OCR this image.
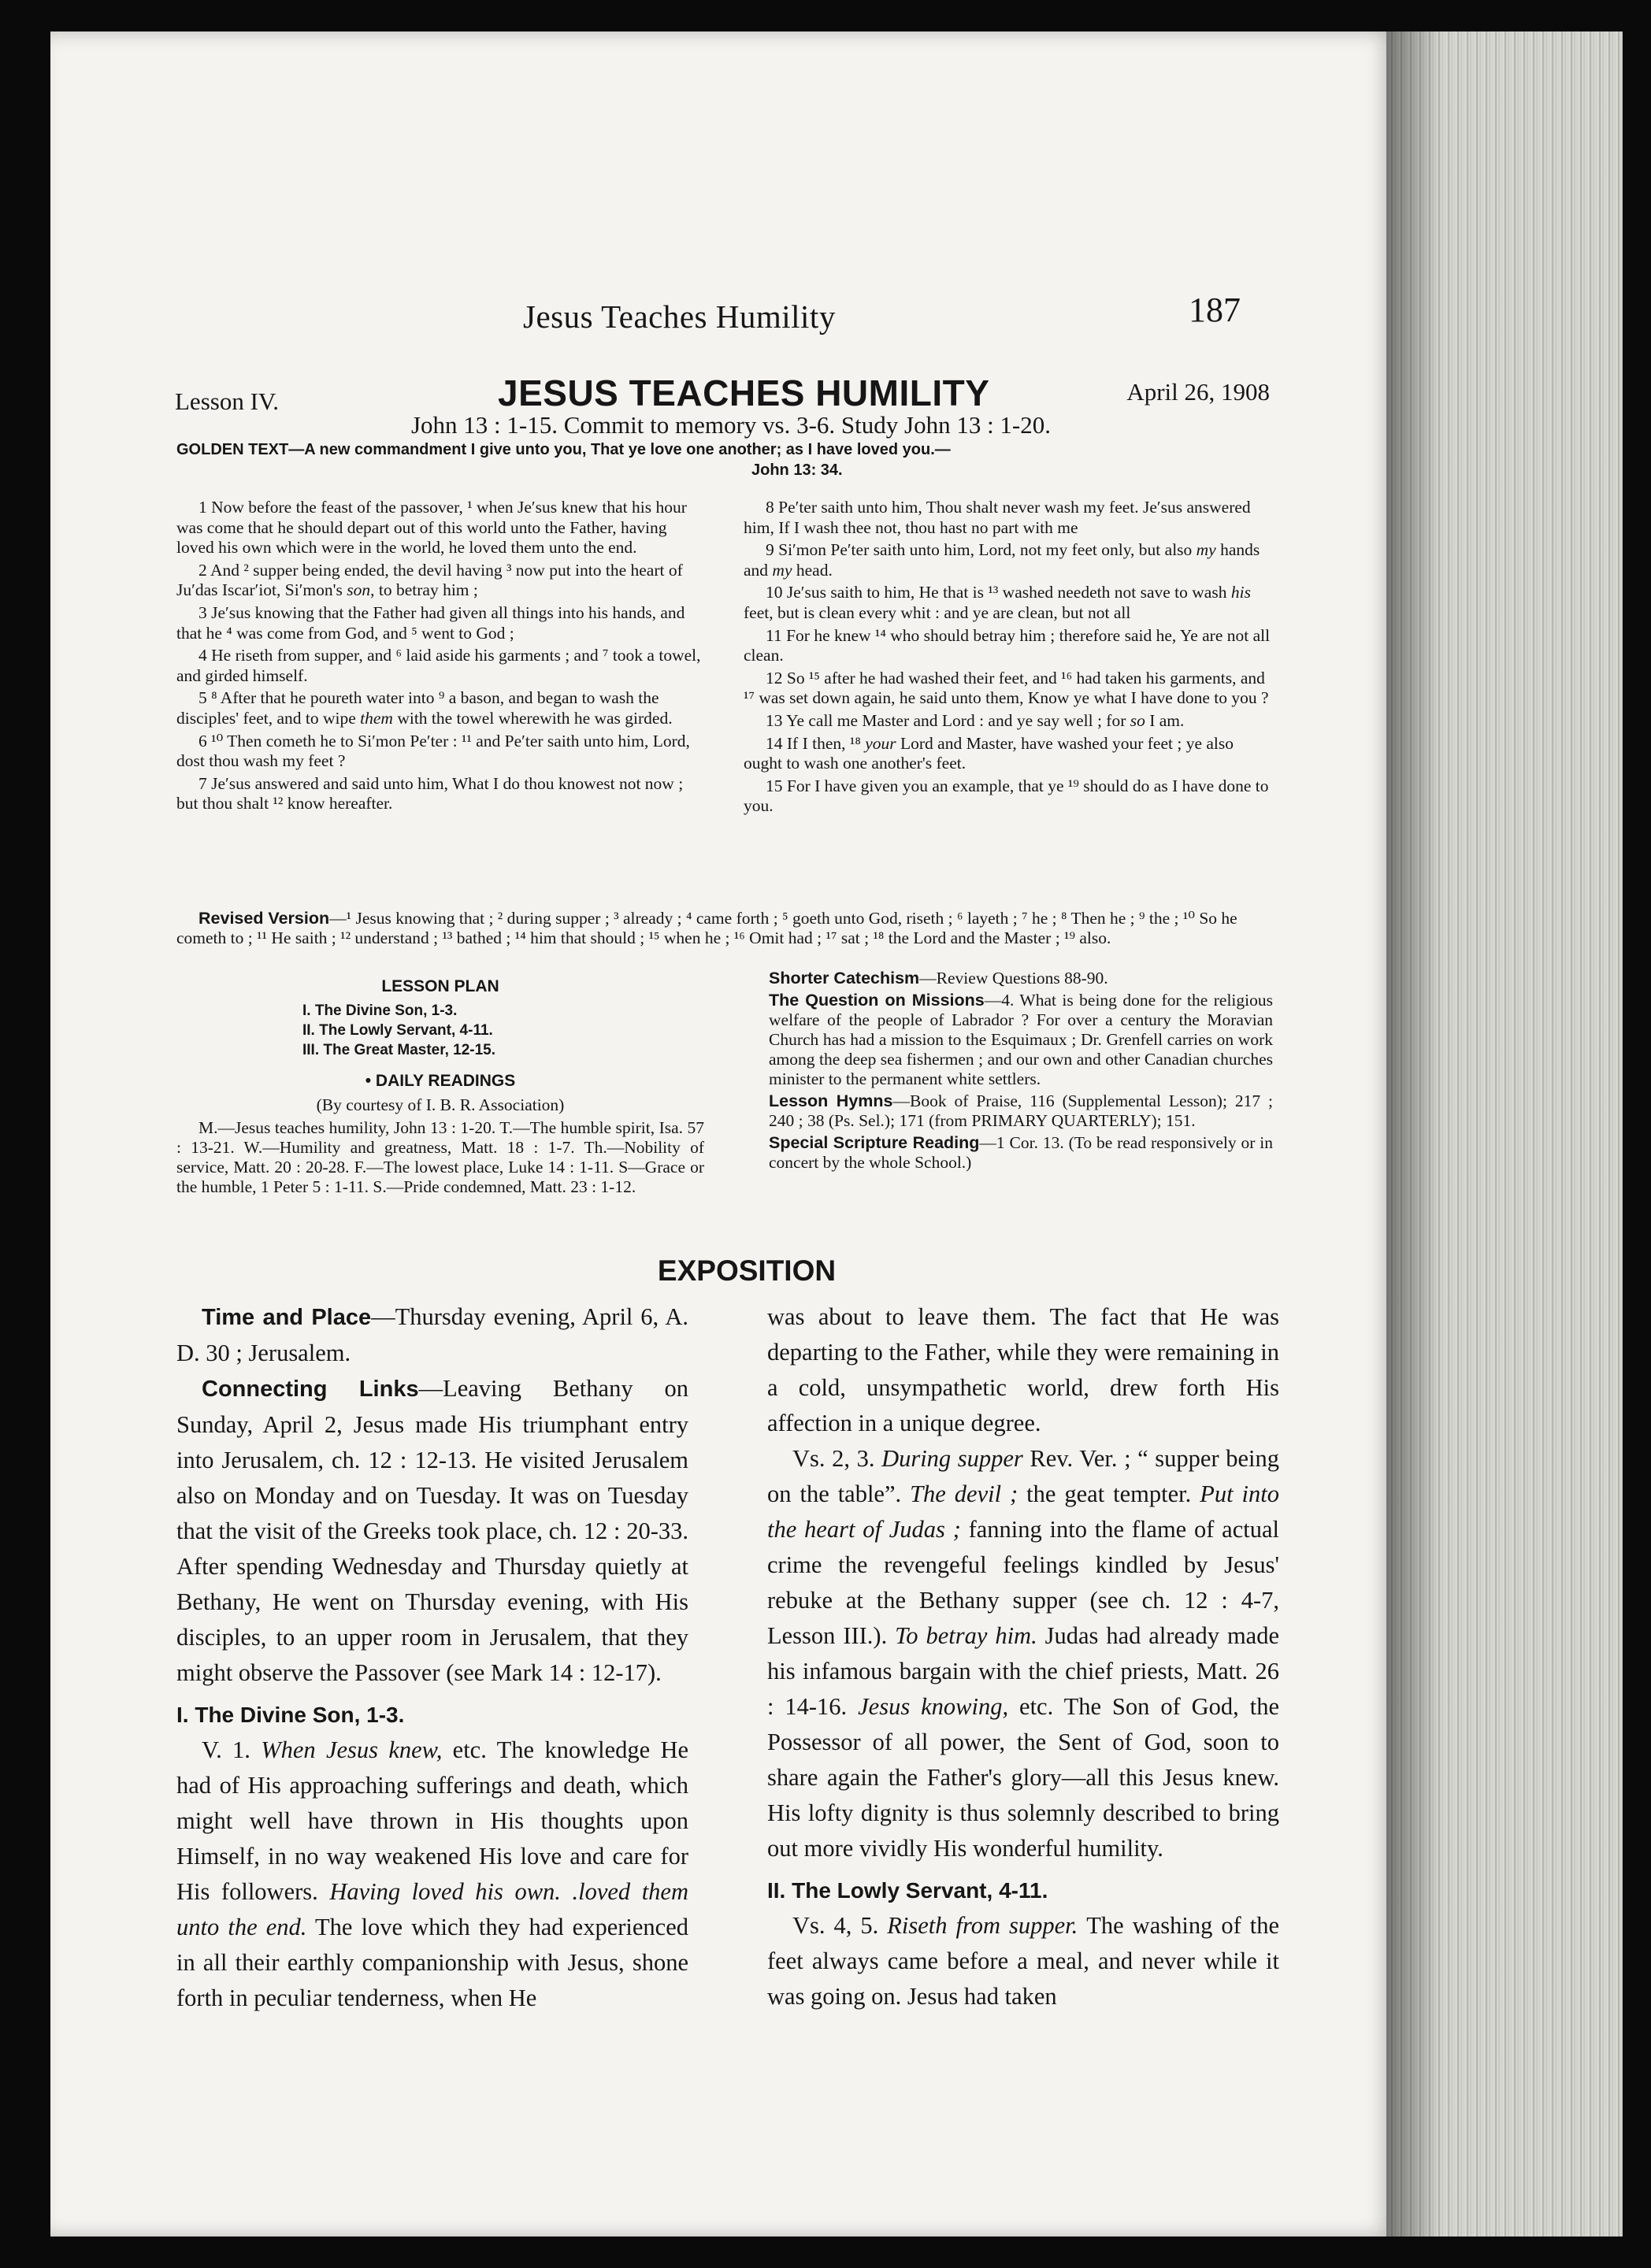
Jesus Teaches Humility	187
Lesson IV.	JESUS TEACHES HUMILITY	April 26, 1908
John 13 : 1-15. Commit to memory vs. 3-6. Study John 13 : 1-20.
GOLDEN TEXT—A new commandment I give unto you, That ye love one another; as I have loved you.—
John 13: 34.

1 Now before the feast of the passover, ¹ when Je′sus knew that his hour was come that he should depart out of this world unto the Father, having loved his own which were in the world, he loved them unto the end.

2 And ² supper being ended, the devil having ³ now put into the heart of Ju′das Iscar′iot, Si′mon's son, to betray him ;

3 Je′sus knowing that the Father had given all things into his hands, and that he ⁴ was come from God, and ⁵ went to God ;

4 He riseth from supper, and ⁶ laid aside his garments ; and ⁷ took a towel, and girded himself.

5 ⁸ After that he poureth water into ⁹ a bason, and began to wash the disciples' feet, and to wipe them with the towel wherewith he was girded.

6 ¹⁰ Then cometh he to Si′mon Pe′ter : ¹¹ and Pe′ter saith unto him, Lord, dost thou wash my feet ?

7 Je′sus answered and said unto him, What I do thou knowest not now ; but thou shalt ¹² know hereafter.

8 Pe′ter saith unto him, Thou shalt never wash my feet. Je′sus answered him, If I wash thee not, thou hast no part with me

9 Si′mon Pe′ter saith unto him, Lord, not my feet only, but also my hands and my head.

10 Je′sus saith to him, He that is ¹³ washed needeth not save to wash his feet, but is clean every whit : and ye are clean, but not all

11 For he knew ¹⁴ who should betray him ; therefore said he, Ye are not all clean.

12 So ¹⁵ after he had washed their feet, and ¹⁶ had taken his garments, and ¹⁷ was set down again, he said unto them, Know ye what I have done to you ?

13 Ye call me Master and Lord : and ye say well ; for so I am.

14 If I then, ¹⁸ your Lord and Master, have washed your feet ; ye also ought to wash one another's feet.

15 For I have given you an example, that ye ¹⁹ should do as I have done to you.

Revised Version—¹ Jesus knowing that ; ² during supper ; ³ already ; ⁴ came forth ; ⁵ goeth unto God, riseth ; ⁶ layeth ; ⁷ he ; ⁸ Then he ; ⁹ the ; ¹⁰ So he cometh to ; ¹¹ He saith ; ¹² understand ; ¹³ bathed ; ¹⁴ him that should ; ¹⁵ when he ; ¹⁶ Omit had ; ¹⁷ sat ; ¹⁸ the Lord and the Master ; ¹⁹ also.
LESSON PLAN
I. The Divine Son, 1-3.
II. The Lowly Servant, 4-11.
III. The Great Master, 12-15.
• DAILY READINGS
(By courtesy of I. B. R. Association)

M.—Jesus teaches humility, John 13 : 1-20. T.—The humble spirit, Isa. 57 : 13-21. W.—Humility and greatness, Matt. 18 : 1-7. Th.—Nobility of service, Matt. 20 : 20-28. F.—The lowest place, Luke 14 : 1-11. S—Grace or the humble, 1 Peter 5 : 1-11. S.—Pride condemned, Matt. 23 : 1-12.

Shorter Catechism—Review Questions 88-90.

The Question on Missions—4. What is being done for the religious welfare of the people of Labrador ? For over a century the Moravian Church has had a mission to the Esquimaux ; Dr. Grenfell carries on work among the deep sea fishermen ; and our own and other Canadian churches minister to the permanent white settlers.

Lesson Hymns—Book of Praise, 116 (Supplemental Lesson); 217 ; 240 ; 38 (Ps. Sel.); 171 (from PRIMARY QUARTERLY); 151.

Special Scripture Reading—1 Cor. 13. (To be read responsively or in concert by the whole School.)

EXPOSITION

Time and Place—Thursday evening, April 6, A. D. 30 ; Jerusalem.

Connecting Links—Leaving Bethany on Sunday, April 2, Jesus made His triumphant entry into Jerusalem, ch. 12 : 12-13. He visited Jerusalem also on Monday and on Tuesday. It was on Tuesday that the visit of the Greeks took place, ch. 12 : 20-33. After spending Wednesday and Thursday quietly at Bethany, He went on Thursday evening, with His disciples, to an upper room in Jerusalem, that they might observe the Passover (see Mark 14 : 12-17).

I. The Divine Son, 1-3.

V. 1. When Jesus knew, etc. The knowledge He had of His approaching sufferings and death, which might well have thrown in His thoughts upon Himself, in no way weakened His love and care for His followers. Having loved his own. .loved them unto the end. The love which they had experienced in all their earthly companionship with Jesus, shone forth in peculiar tenderness, when He

was about to leave them. The fact that He was departing to the Father, while they were remaining in a cold, unsympathetic world, drew forth His affection in a unique degree.

Vs. 2, 3. During supper Rev. Ver. ; “ supper being on the table”. The devil ; the geat tempter. Put into the heart of Judas ; fanning into the flame of actual crime the revengeful feelings kindled by Jesus' rebuke at the Bethany supper (see ch. 12 : 4-7, Lesson III.). To betray him. Judas had already made his infamous bargain with the chief priests, Matt. 26 : 14-16. Jesus knowing, etc. The Son of God, the Possessor of all power, the Sent of God, soon to share again the Father's glory—all this Jesus knew. His lofty dignity is thus solemnly described to bring out more vividly His wonderful humility.

II. The Lowly Servant, 4-11.

Vs. 4, 5. Riseth from supper. The washing of the feet always came before a meal, and never while it was going on. Jesus had taken
